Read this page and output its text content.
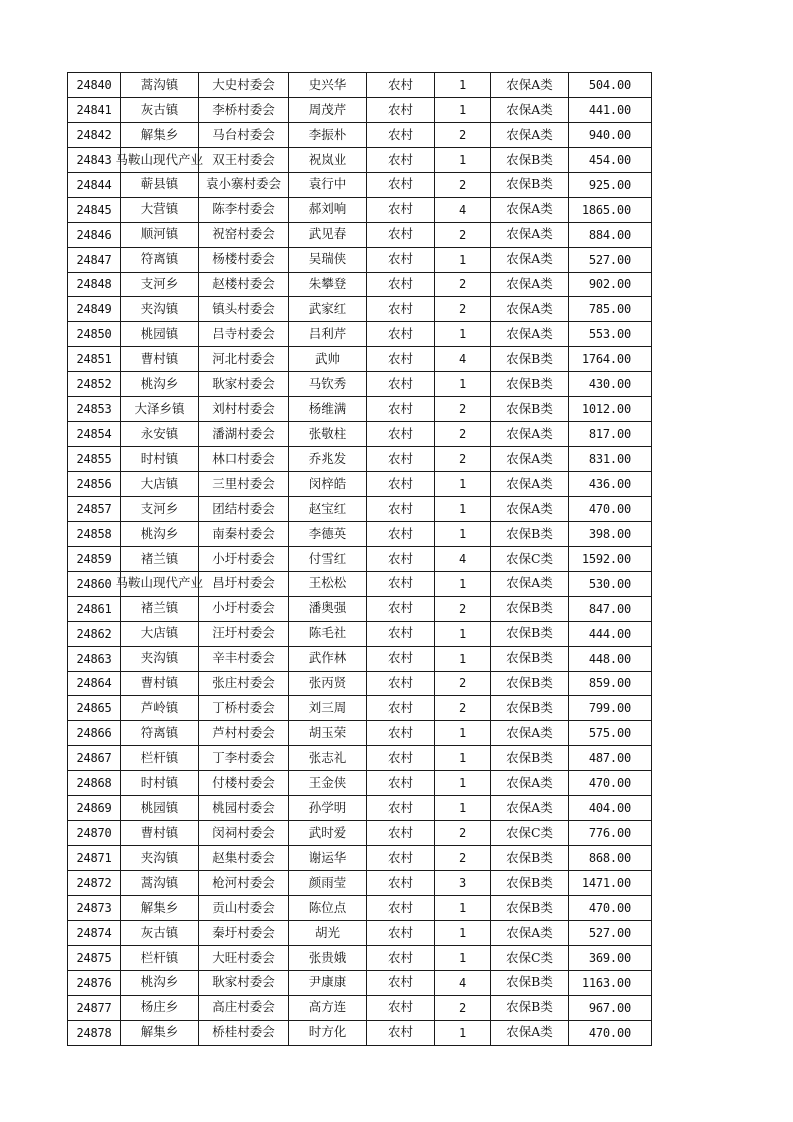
24840	蒿沟镇	大史村委会	史兴华	农村	1	农保A类	504.00
24841	灰古镇	李桥村委会	周茂芹	农村	1	农保A类	441.00
24842	解集乡	马台村委会	李振朴	农村	2	农保A类	940.00
24843	马鞍山现代产业	双王村委会	祝岚业	农村	1	农保B类	454.00
24844	蕲县镇	袁小寨村委会	袁行中	农村	2	农保B类	925.00
24845	大营镇	陈李村委会	郝刘响	农村	4	农保A类	1865.00
24846	顺河镇	祝窑村委会	武见春	农村	2	农保A类	884.00
24847	符离镇	杨楼村委会	吴瑞侠	农村	1	农保A类	527.00
24848	支河乡	赵楼村委会	朱攀登	农村	2	农保A类	902.00
24849	夹沟镇	镇头村委会	武家红	农村	2	农保A类	785.00
24850	桃园镇	吕寺村委会	吕利芹	农村	1	农保A类	553.00
24851	曹村镇	河北村委会	武帅	农村	4	农保B类	1764.00
24852	桃沟乡	耿家村委会	马钦秀	农村	1	农保B类	430.00
24853	大泽乡镇	刘村村委会	杨维满	农村	2	农保B类	1012.00
24854	永安镇	潘湖村委会	张敬柱	农村	2	农保A类	817.00
24855	时村镇	林口村委会	乔兆发	农村	2	农保A类	831.00
24856	大店镇	三里村委会	闵梓皓	农村	1	农保A类	436.00
24857	支河乡	团结村委会	赵宝红	农村	1	农保A类	470.00
24858	桃沟乡	南秦村委会	李德英	农村	1	农保B类	398.00
24859	褚兰镇	小圩村委会	付雪红	农村	4	农保C类	1592.00
24860	马鞍山现代产业	昌圩村委会	王松松	农村	1	农保A类	530.00
24861	褚兰镇	小圩村委会	潘奥强	农村	2	农保B类	847.00
24862	大店镇	汪圩村委会	陈毛社	农村	1	农保B类	444.00
24863	夹沟镇	辛丰村委会	武作林	农村	1	农保B类	448.00
24864	曹村镇	张庄村委会	张丙贤	农村	2	农保B类	859.00
24865	芦岭镇	丁桥村委会	刘三周	农村	2	农保B类	799.00
24866	符离镇	芦村村委会	胡玉荣	农村	1	农保A类	575.00
24867	栏杆镇	丁李村委会	张志礼	农村	1	农保B类	487.00
24868	时村镇	付楼村委会	王金侠	农村	1	农保A类	470.00
24869	桃园镇	桃园村委会	孙学明	农村	1	农保A类	404.00
24870	曹村镇	闵祠村委会	武时爱	农村	2	农保C类	776.00
24871	夹沟镇	赵集村委会	谢运华	农村	2	农保B类	868.00
24872	蒿沟镇	枪河村委会	颜雨莹	农村	3	农保B类	1471.00
24873	解集乡	贡山村委会	陈位点	农村	1	农保B类	470.00
24874	灰古镇	秦圩村委会	胡光	农村	1	农保A类	527.00
24875	栏杆镇	大旺村委会	张贵娥	农村	1	农保C类	369.00
24876	桃沟乡	耿家村委会	尹康康	农村	4	农保B类	1163.00
24877	杨庄乡	高庄村委会	高方连	农村	2	农保B类	967.00
24878	解集乡	桥桂村委会	时方化	农村	1	农保A类	470.00
